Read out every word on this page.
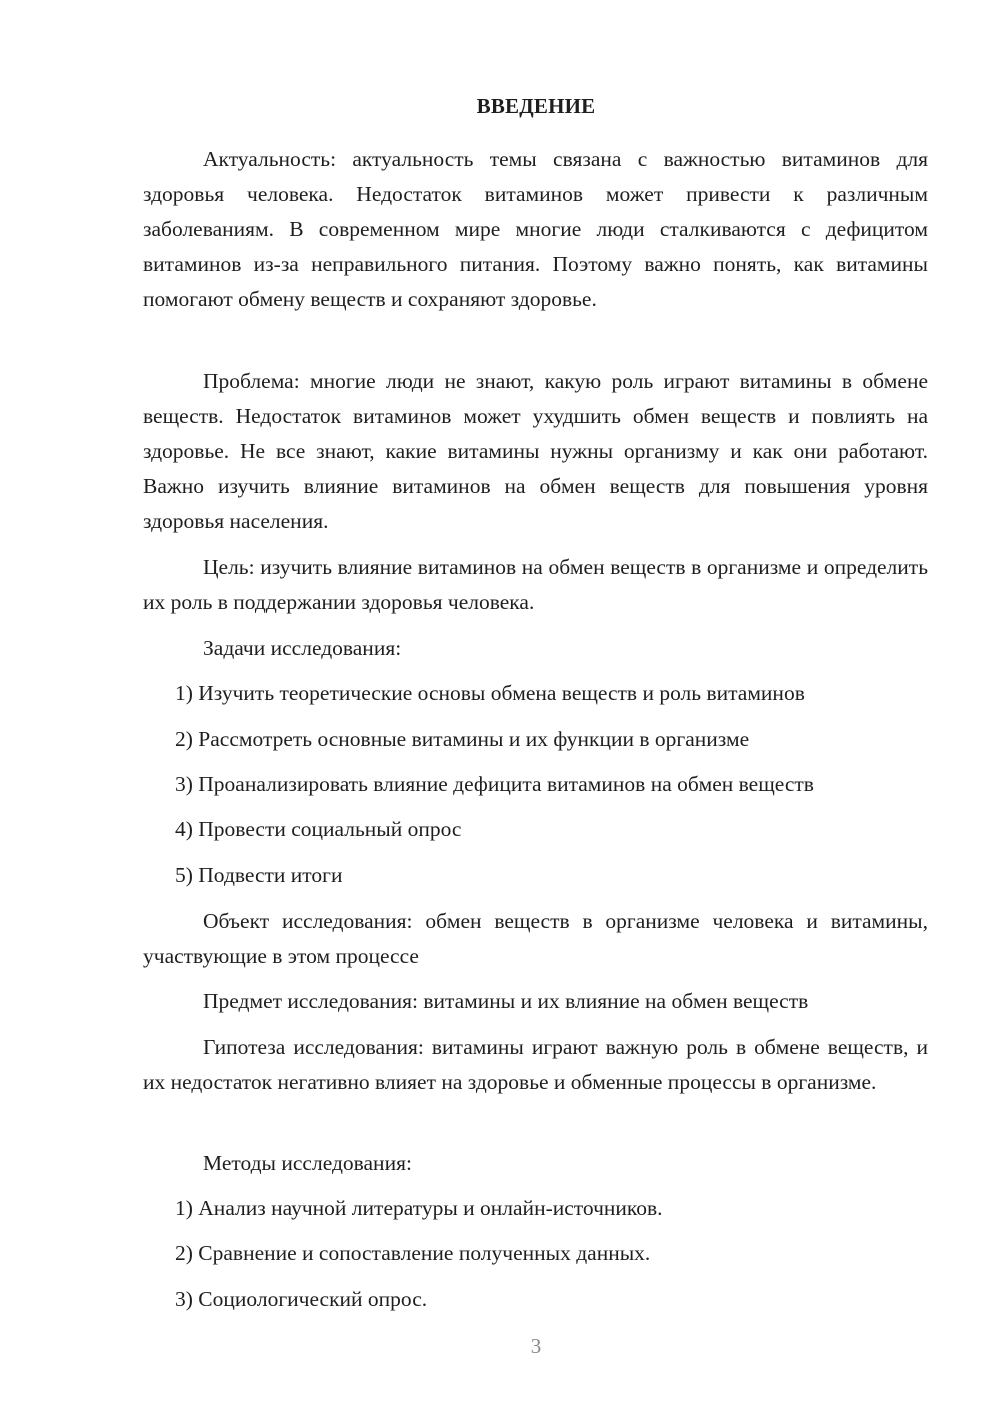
ВВЕДЕНИЕ

Актуальность: актуальность темы связана с важностью витаминов для здоровья человека. Недостаток витаминов может привести к различным заболеваниям. В современном мире многие люди сталкиваются с дефицитом витаминов из-за неправильного питания. Поэтому важно понять, как витамины помогают обмену веществ и сохраняют здоровье.

Проблема: многие люди не знают, какую роль играют витамины в обмене веществ. Недостаток витаминов может ухудшить обмен веществ и повлиять на здоровье. Не все знают, какие витамины нужны организму и как они работают. Важно изучить влияние витаминов на обмен веществ для повышения уровня здоровья населения.

Цель: изучить влияние витаминов на обмен веществ в организме и определить их роль в поддержании здоровья человека.

Задачи исследования:

1) Изучить теоретические основы обмена веществ и роль витаминов

2) Рассмотреть основные витамины и их функции в организме

3) Проанализировать влияние дефицита витаминов на обмен веществ

4) Провести социальный опрос

5) Подвести итоги

Объект исследования: обмен веществ в организме человека и витамины, участвующие в этом процессе

Предмет исследования: витамины и их влияние на обмен веществ

Гипотеза исследования: витамины играют важную роль в обмене веществ, и их недостаток негативно влияет на здоровье и обменные процессы в организме.

Методы исследования:

1) Анализ научной литературы и онлайн-источников.

2) Сравнение и сопоставление полученных данных.

3) Социологический опрос.

3
